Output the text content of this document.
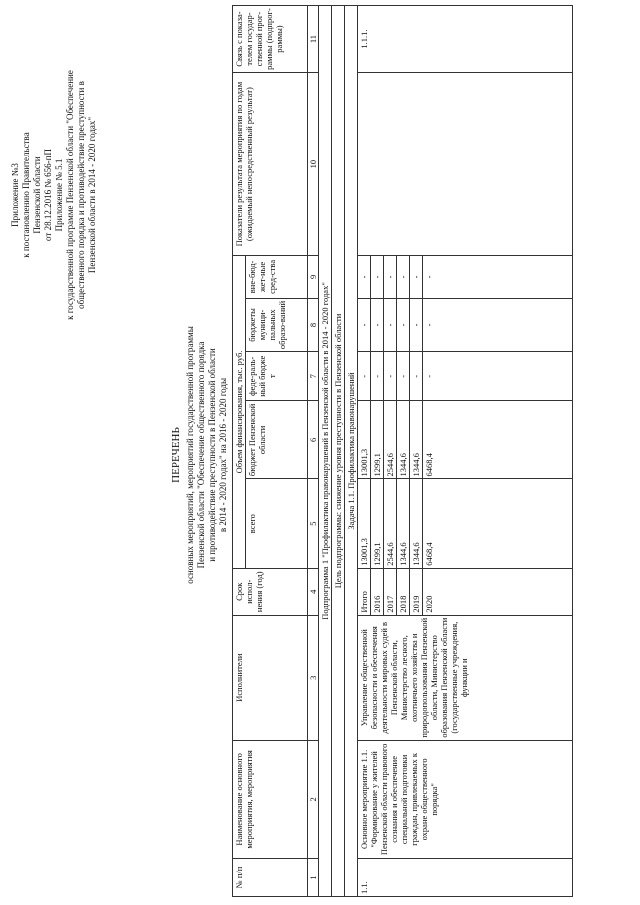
Приложение №3 к постановлению Правительства Пензенской области от 28.12.2016 № 656-пП Приложение № 5.1 к государственной программе Пензенской области "Обеспечение общественного порядка и противодействие преступности в Пензенской области в 2014 - 2020 годах"
ПЕРЕЧЕНЬ основных мероприятий, мероприятий государственной программы Пензенской области "Обеспечение общественного порядка и противодействие преступности в Пензенской области в 2014 - 2020 годах" на 2016 - 2020 годы
№ п/п	Наименование основного мероприятия, мероприятия	Исполнители	Срок испол-нения (год)	Объем финансирования, тыс. руб.					Показатели результата мероприятия по годам (ожидаемый непосредственный результат)	Связь с показа-телем государ-ственной прог-раммы (подпрог-раммы)
				всего	бюджет Пензенской области	феде-раль-ный бюдже т	бюджеты муници-пальных образо-ваний	вне-бюд-жет-ные сред-ства		
1	2	3	4	5	6	7	8	9	10	11
Подпрограмма 1 "Профилактика правонарушений в Пензенской области в 2014 - 2020 годах"										
Цель подпрограммы: снижение уровня преступности в Пензенской области										
Задача 1.1. Профилактика правонарушений										
1.1.	Основное мероприятие 1.1. "Формирование у жителей Пензенской области правового сознания и обеспечение специальной подготовки граждан, привлекаемых к охране общественного порядка"	Управление общественной безопасности и обеспечения деятельности мировых судей в Пензенской области, Министерство лесного, охотничьего хозяйства и природопользования Пензенской области, Министерство образования Пензенской области (государственные учреждения, функции и	Итого	13001,3	13001,3	-	-	-		1.1.1.
			2016	1299,1	1299,1	-	-	-		
			2017	2544,6	2544,6	-	-	-		
			2018	1344,6	1344,6	-	-	-		
			2019	1344,6	1344,6	-	-	-		
			2020	6468,4	6468,4	-	-	-		
